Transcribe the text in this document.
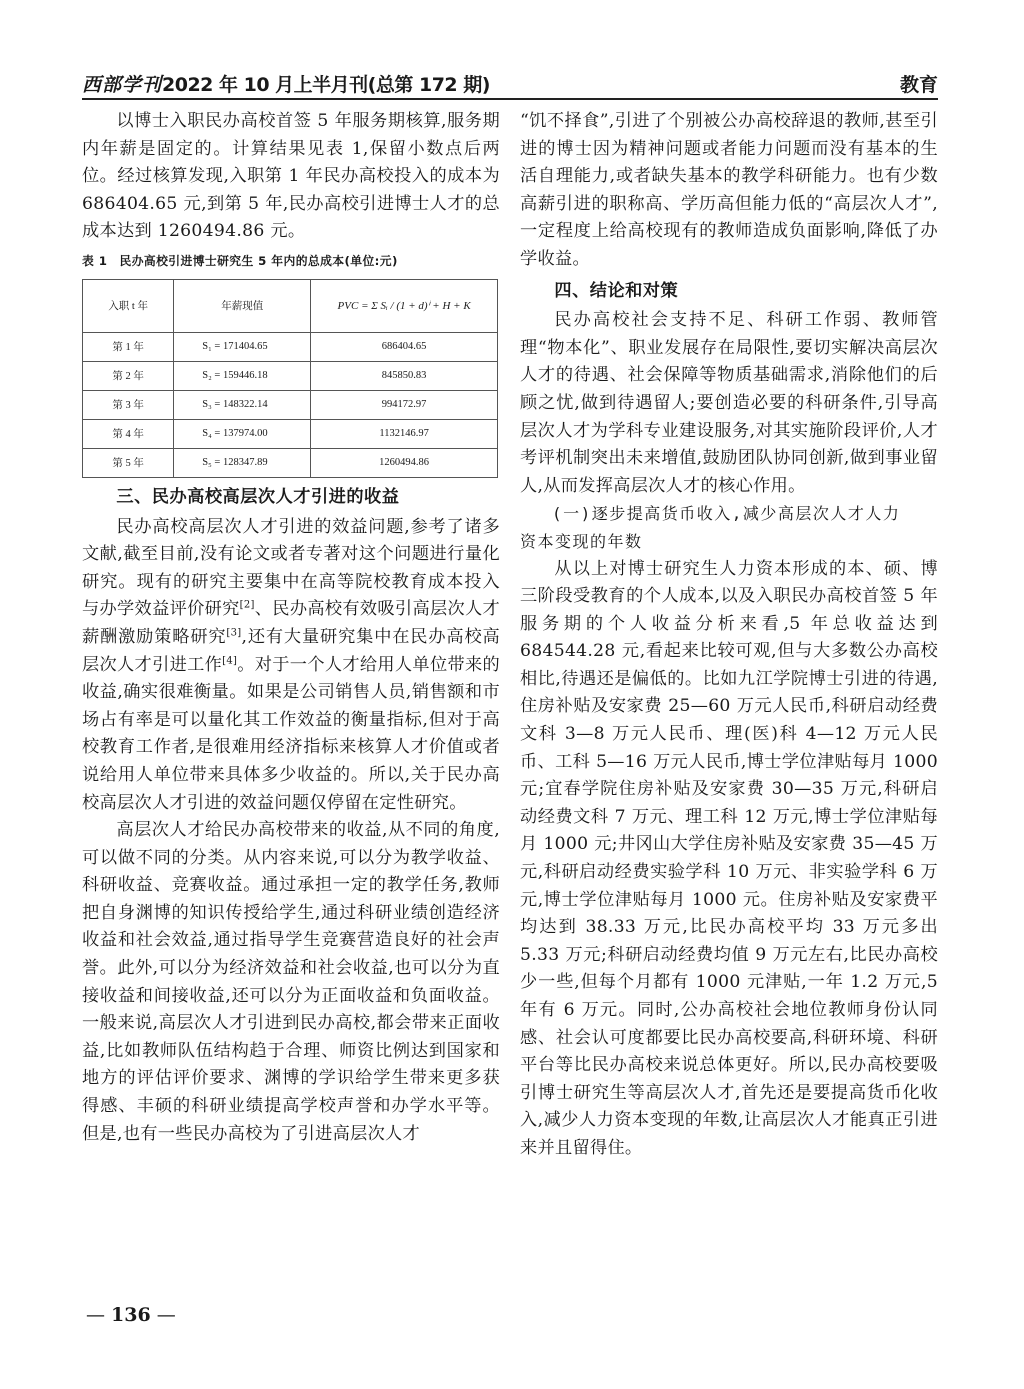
西部学刊2022 年 10 月上半月刊(总第 172 期)	教育

以博士入职民办高校首签 5 年服务期核算,服务期内年薪是固定的。计算结果见表 1,保留小数点后两位。经过核算发现,入职第 1 年民办高校投入的成本为 686404.65 元,到第 5 年,民办高校引进博士人才的总成本达到 1260494.86 元。

表 1　民办高校引进博士研究生 5 年内的总成本(单位:元)
入职 t 年	年薪现值	PVC = Σ Sᵢ / (1 + d)ⁱ + H + K
第 1 年	S₁ = 171404.65	686404.65
第 2 年	S₂ = 159446.18	845850.83
第 3 年	S₃ = 148322.14	994172.97
第 4 年	S₄ = 137974.00	1132146.97
第 5 年	S₅ = 128347.89	1260494.86
三、民办高校高层次人才引进的收益

民办高校高层次人才引进的效益问题,参考了诸多文献,截至目前,没有论文或者专著对这个问题进行量化研究。现有的研究主要集中在高等院校教育成本投入与办学效益评价研究[2]、民办高校有效吸引高层次人才薪酬激励策略研究[3],还有大量研究集中在民办高校高层次人才引进工作[4]。对于一个人才给用人单位带来的收益,确实很难衡量。如果是公司销售人员,销售额和市场占有率是可以量化其工作效益的衡量指标,但对于高校教育工作者,是很难用经济指标来核算人才价值或者说给用人单位带来具体多少收益的。所以,关于民办高校高层次人才引进的效益问题仅停留在定性研究。

高层次人才给民办高校带来的收益,从不同的角度,可以做不同的分类。从内容来说,可以分为教学收益、科研收益、竞赛收益。通过承担一定的教学任务,教师把自身渊博的知识传授给学生,通过科研业绩创造经济收益和社会效益,通过指导学生竞赛营造良好的社会声誉。此外,可以分为经济效益和社会收益,也可以分为直接收益和间接收益,还可以分为正面收益和负面收益。一般来说,高层次人才引进到民办高校,都会带来正面收益,比如教师队伍结构趋于合理、师资比例达到国家和地方的评估评价要求、渊博的学识给学生带来更多获得感、丰硕的科研业绩提高学校声誉和办学水平等。但是,也有一些民办高校为了引进高层次人才

“饥不择食”,引进了个别被公办高校辞退的教师,甚至引进的博士因为精神问题或者能力问题而没有基本的生活自理能力,或者缺失基本的教学科研能力。也有少数高薪引进的职称高、学历高但能力低的“高层次人才”,一定程度上给高校现有的教师造成负面影响,降低了办学收益。

四、结论和对策

民办高校社会支持不足、科研工作弱、教师管理“物本化”、职业发展存在局限性,要切实解决高层次人才的待遇、社会保障等物质基础需求,消除他们的后顾之忧,做到待遇留人;要创造必要的科研条件,引导高层次人才为学科专业建设服务,对其实施阶段评价,人才考评机制突出未来增值,鼓励团队协同创新,做到事业留人,从而发挥高层次人才的核心作用。

(一)逐步提高货币收入,减少高层次人才人力
资本变现的年数

从以上对博士研究生人力资本形成的本、硕、博三阶段受教育的个人成本,以及入职民办高校首签 5 年服务期的个人收益分析来看,5 年总收益达到 684544.28 元,看起来比较可观,但与大多数公办高校相比,待遇还是偏低的。比如九江学院博士引进的待遇,住房补贴及安家费 25—60 万元人民币,科研启动经费文科 3—8 万元人民币、理(医)科 4—12 万元人民币、工科 5—16 万元人民币,博士学位津贴每月 1000 元;宜春学院住房补贴及安家费 30—35 万元,科研启动经费文科 7 万元、理工科 12 万元,博士学位津贴每月 1000 元;井冈山大学住房补贴及安家费 35—45 万元,科研启动经费实验学科 10 万元、非实验学科 6 万元,博士学位津贴每月 1000 元。住房补贴及安家费平均达到 38.33 万元,比民办高校平均 33 万元多出 5.33 万元;科研启动经费均值 9 万元左右,比民办高校少一些,但每个月都有 1000 元津贴,一年 1.2 万元,5 年有 6 万元。同时,公办高校社会地位教师身份认同感、社会认可度都要比民办高校要高,科研环境、科研平台等比民办高校来说总体更好。所以,民办高校要吸引博士研究生等高层次人才,首先还是要提高货币化收入,减少人力资本变现的年数,让高层次人才能真正引进来并且留得住。

— 136 —
